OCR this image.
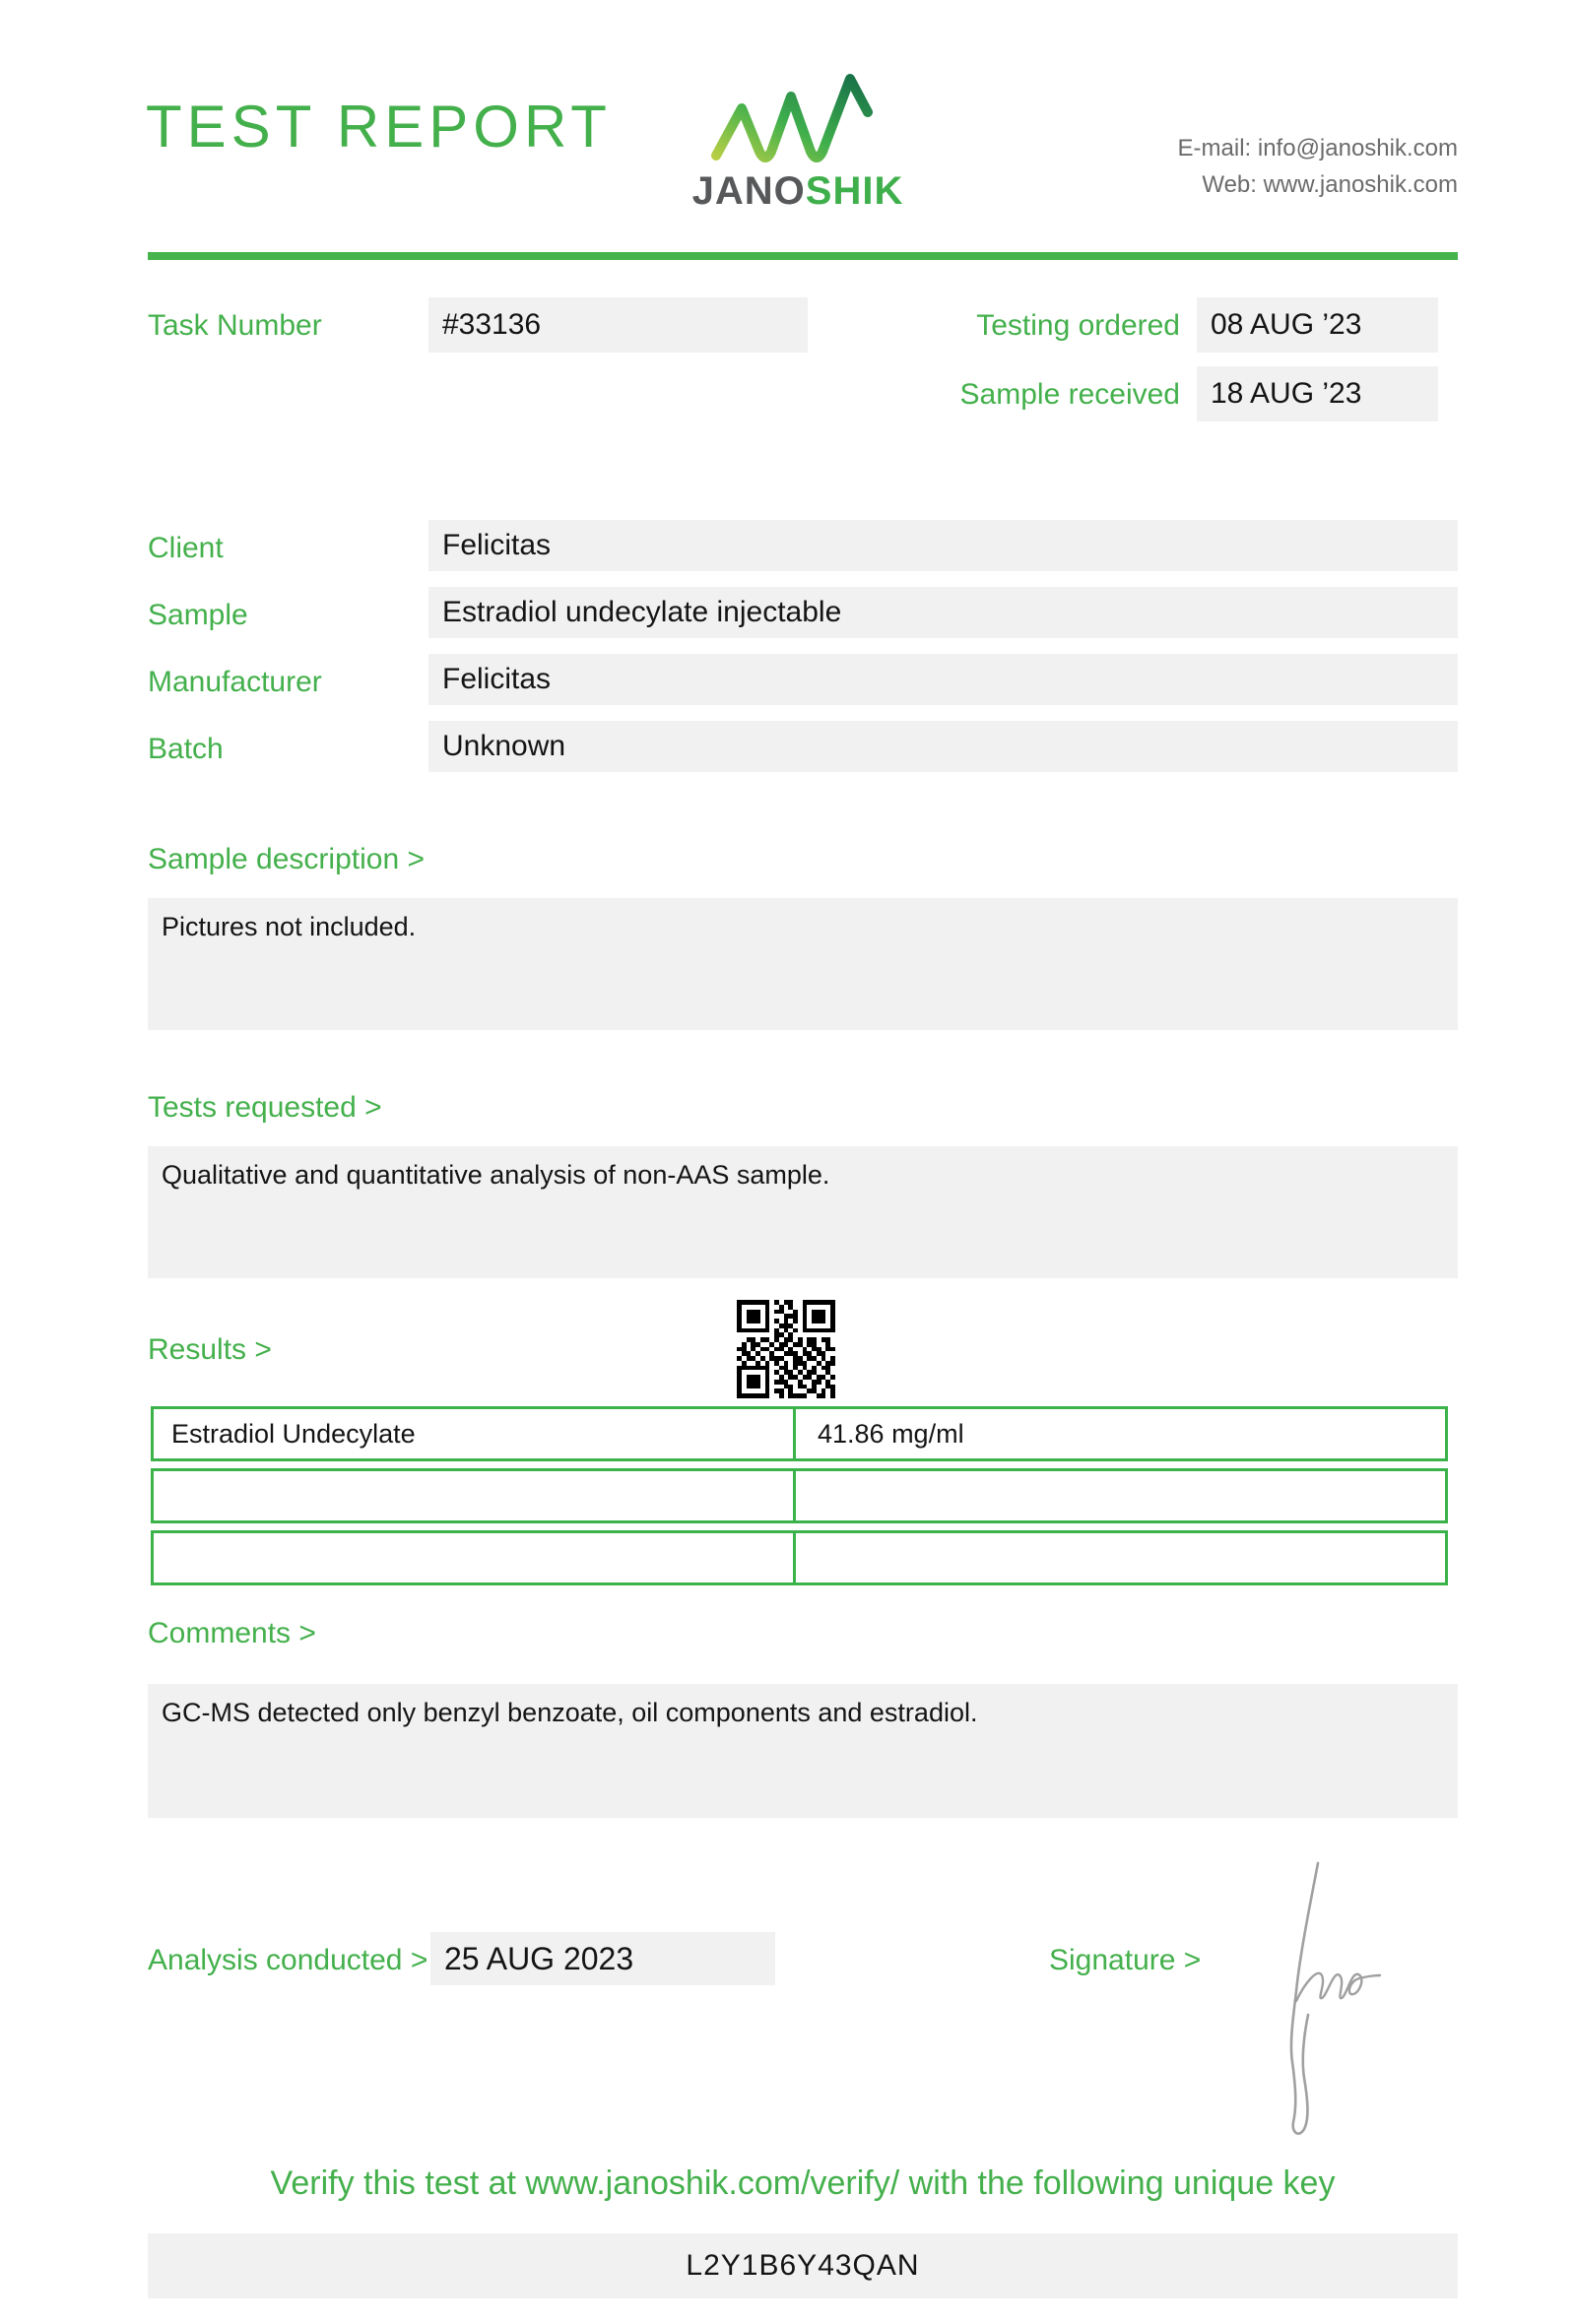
TEST REPORT
JANOSHIK
E-mail: info@janoshik.com
Web: www.janoshik.com
Task Number	#33136	Testing ordered	08 AUG ’23
Sample received	18 AUG ’23
Client	Felicitas
Sample	Estradiol undecylate injectable
Manufacturer	Felicitas
Batch	Unknown
Sample description >
Pictures not included.
Tests requested >
Qualitative and quantitative analysis of non-AAS sample.
Results >
Estradiol Undecylate	41.86 mg/ml
Comments >
GC-MS detected only benzyl benzoate, oil components and estradiol.
Analysis conducted > 25 AUG 2023	Signature >
Verify this test at www.janoshik.com/verify/ with the following unique key
L2Y1B6Y43QAN
